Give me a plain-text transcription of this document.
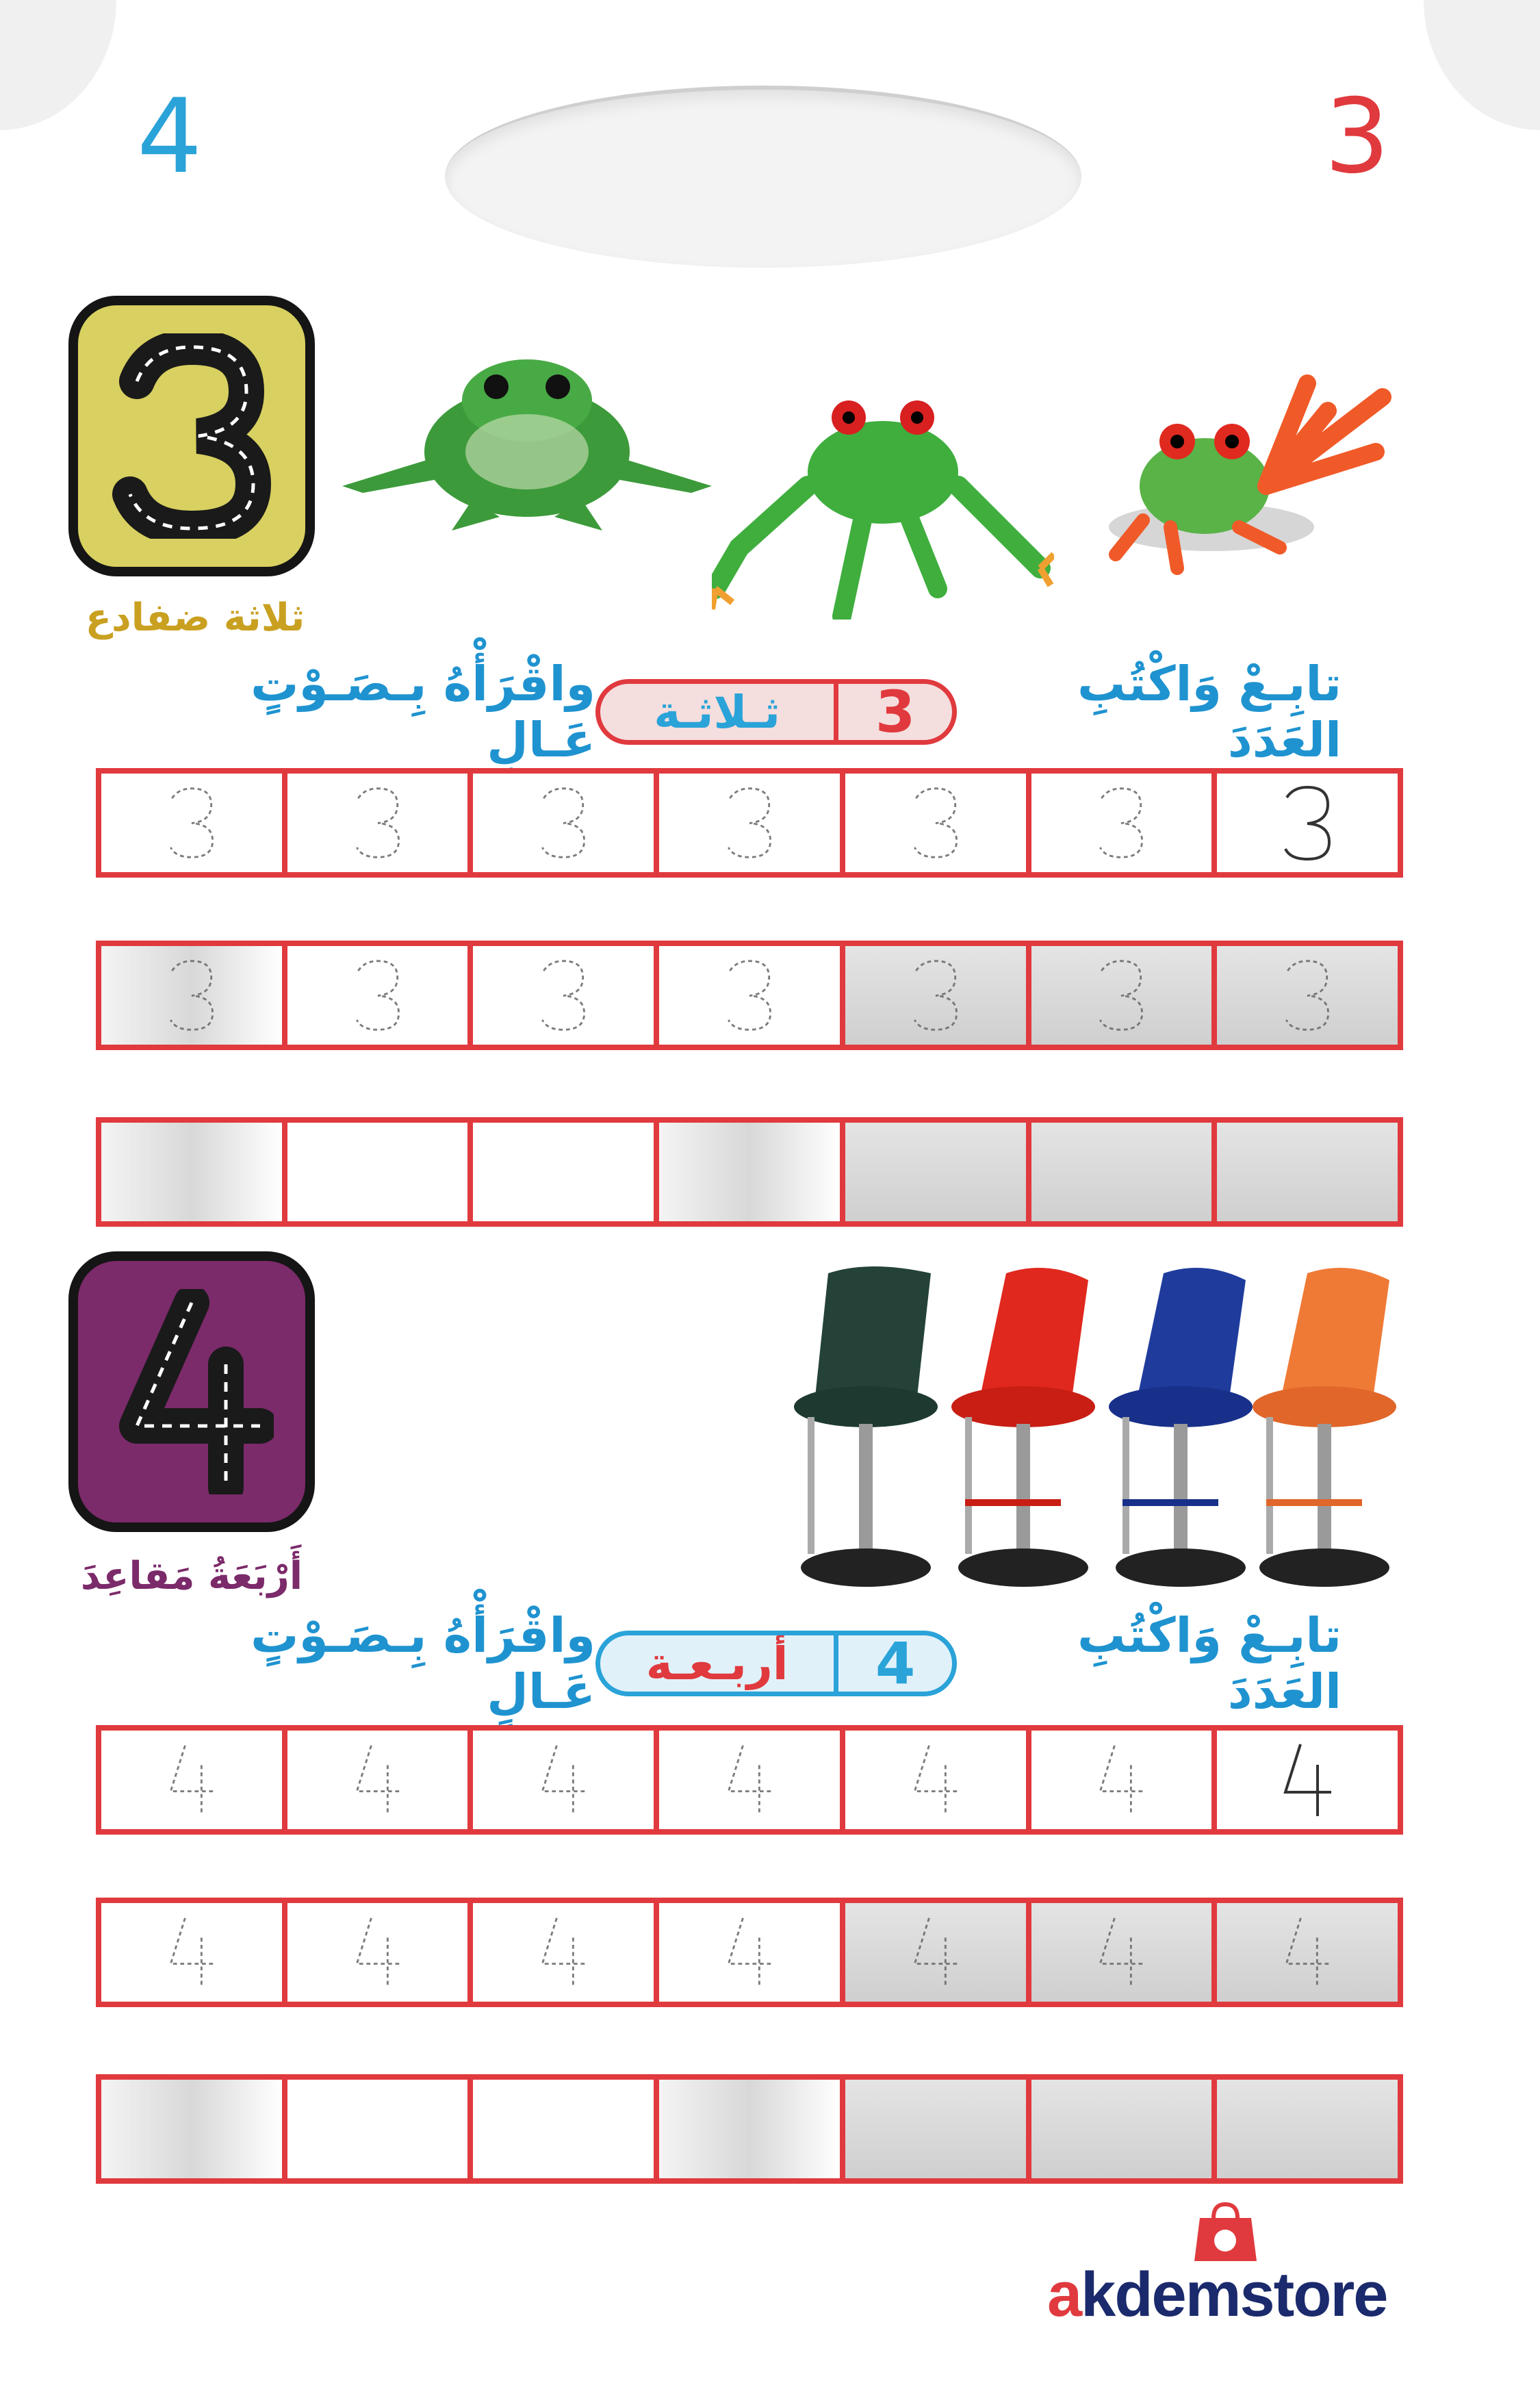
4	3
ثلاثة ضفادع
تابِـعْ وَاكْتُبِ العَدَدَ
3
ثـلاثـة
واقْرَأْهُ بِـصَـوْتٍ عَـالٍ
أَرْبَعَةُ مَقاعِدَ
تابِـعْ وَاكْتُبِ العَدَدَ
4
أربـعـة
واقْرَأْهُ بِـصَـوْتٍ عَـالٍ
akdemstore
